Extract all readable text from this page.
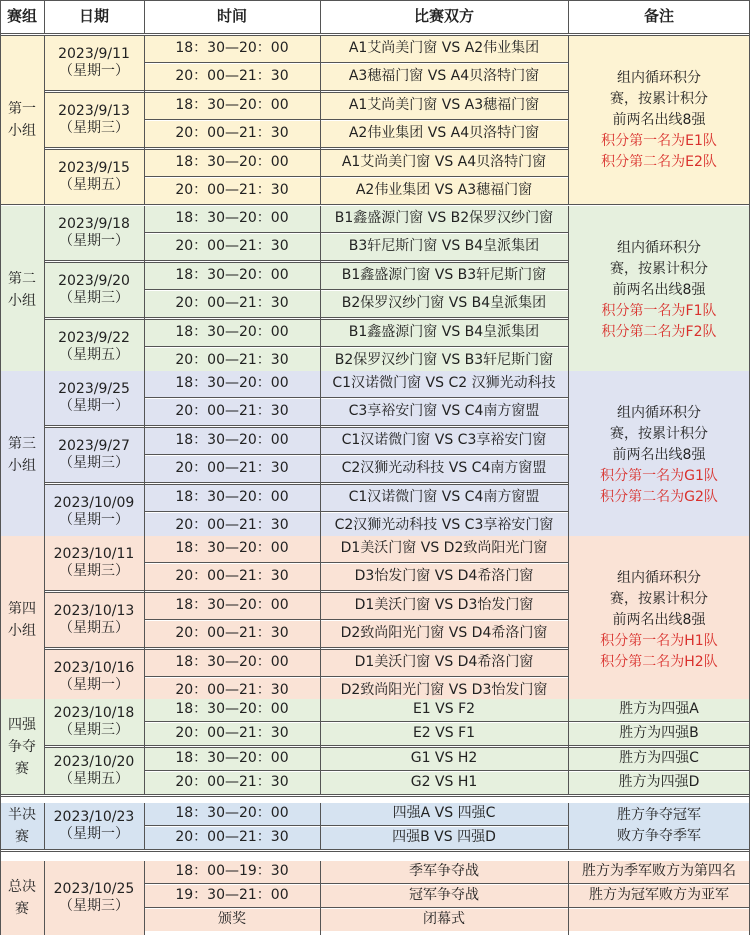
赛组	日期	时间	比赛双方	备注
第一小组
组内循环积分
赛，按累计积分
前两名出线8强
积分第一名为E1队
积分第二名为E2队
2023/9/11
（星期一）
18：30—20：00	A1艾尚美门窗 VS A2伟业集团
20：00—21：30	A3穗福门窗 VS A4贝洛特门窗
2023/9/13
（星期三）
18：30—20：00	A1艾尚美门窗 VS A3穗福门窗
20：00—21：30	A2伟业集团 VS A4贝洛特门窗
2023/9/15
（星期五）
18：30—20：00	A1艾尚美门窗 VS A4贝洛特门窗
20：00—21：30	A2伟业集团 VS A3穗福门窗
第二小组
组内循环积分
赛，按累计积分
前两名出线8强
积分第一名为F1队
积分第二名为F2队
2023/9/18
（星期一）
18：30—20：00	B1鑫盛源门窗 VS B2保罗汉纱门窗
20：00—21：30	B3轩尼斯门窗 VS B4皇派集团
2023/9/20
（星期三）
18：30—20：00	B1鑫盛源门窗 VS B3轩尼斯门窗
20：00—21：30	B2保罗汉纱门窗 VS B4皇派集团
2023/9/22
（星期五）
18：30—20：00	B1鑫盛源门窗 VS B4皇派集团
20：00—21：30	B2保罗汉纱门窗 VS B3轩尼斯门窗
第三小组
组内循环积分
赛，按累计积分
前两名出线8强
积分第一名为G1队
积分第二名为G2队
2023/9/25
（星期一）
18：30—20：00	C1汉诺微门窗 VS C2 汉狮光动科技
20：00—21：30	C3享裕安门窗 VS C4南方窗盟
2023/9/27
（星期三）
18：30—20：00	C1汉诺微门窗 VS C3享裕安门窗
20：00—21：30	C2汉狮光动科技 VS C4南方窗盟
2023/10/09
（星期一）
18：30—20：00	C1汉诺微门窗 VS C4南方窗盟
20：00—21：30	C2汉狮光动科技 VS C3享裕安门窗
第四小组
组内循环积分
赛，按累计积分
前两名出线8强
积分第一名为H1队
积分第二名为H2队
2023/10/11
（星期三）
18：30—20：00	D1美沃门窗 VS D2致尚阳光门窗
20：00—21：30	D3怡发门窗 VS D4希洛门窗
2023/10/13
（星期五）
18：30—20：00	D1美沃门窗 VS D3怡发门窗
20：00—21：30	D2致尚阳光门窗 VS D4希洛门窗
2023/10/16
（星期一）
18：30—20：00	D1美沃门窗 VS D4希洛门窗
20：00—21：30	D2致尚阳光门窗 VS D3怡发门窗
四强争夺赛
2023/10/18
（星期三）
18：30—20：00	E1 VS F2	胜方为四强A
20：00—21：30	E2 VS F1	胜方为四强B
2023/10/20
（星期五）
18：30—20：00	G1 VS H2	胜方为四强C
20：00—21：30	G2 VS H1	胜方为四强D
半决赛
2023/10/23
（星期一）
18：30—20：00	四强A VS 四强C
20：00—21：30	四强B VS 四强D
胜方争夺冠军
败方争夺季军
总决赛
2023/10/25
（星期三）
18：00—19：30	季军争夺战	胜方为季军败方为第四名
19：30—21：00	冠军争夺战	胜方为冠军败方为亚军
颁奖	闭幕式
